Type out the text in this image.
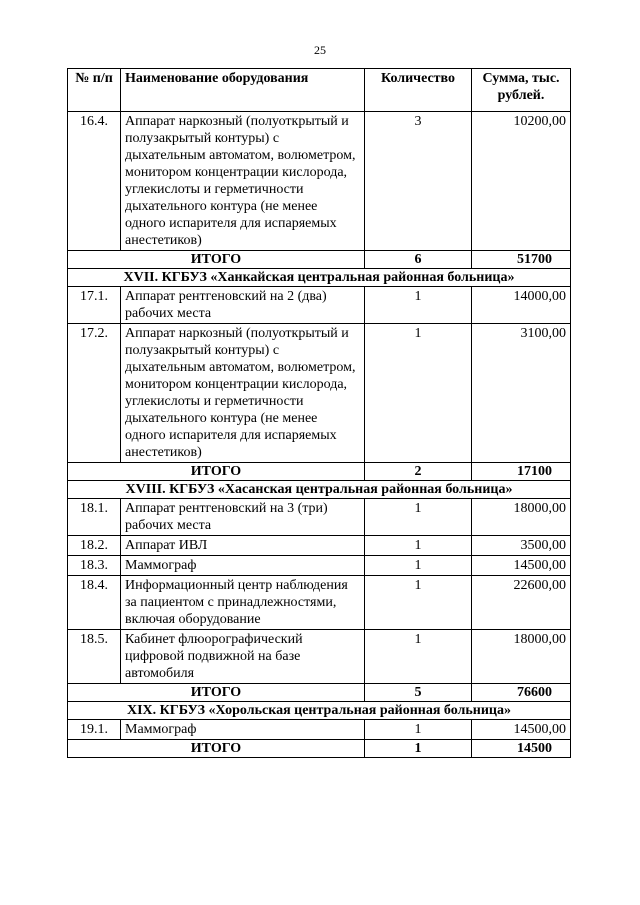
25
№ п/п	Наименование оборудования	Количество	Сумма, тыс. рублей.
16.4.	Аппарат наркозный (полуоткрытый и полузакрытый контуры) с дыхательным автоматом, волюметром, монитором концентрации кислорода, углекислоты и герметичности дыхательного контура (не менее одного испарителя для испаряемых анестетиков)	3	10200,00
ИТОГО		6	51700
XVII. КГБУЗ «Ханкайская центральная районная больница»			
17.1.	Аппарат рентгеновский на 2 (два) рабочих места	1	14000,00
17.2.	Аппарат наркозный (полуоткрытый и полузакрытый контуры) с дыхательным автоматом, волюметром, монитором концентрации кислорода, углекислоты и герметичности дыхательного контура (не менее одного испарителя для испаряемых анестетиков)	1	3100,00
ИТОГО		2	17100
XVIII. КГБУЗ «Хасанская центральная районная больница»			
18.1.	Аппарат рентгеновский на 3 (три) рабочих места	1	18000,00
18.2.	Аппарат ИВЛ	1	3500,00
18.3.	Маммограф	1	14500,00
18.4.	Информационный центр наблюдения за пациентом с принадлежностями, включая оборудование	1	22600,00
18.5.	Кабинет флюорографический цифровой подвижной на базе автомобиля	1	18000,00
ИТОГО		5	76600
XIX. КГБУЗ «Хорольская центральная районная больница»			
19.1.	Маммограф	1	14500,00
ИТОГО		1	14500
